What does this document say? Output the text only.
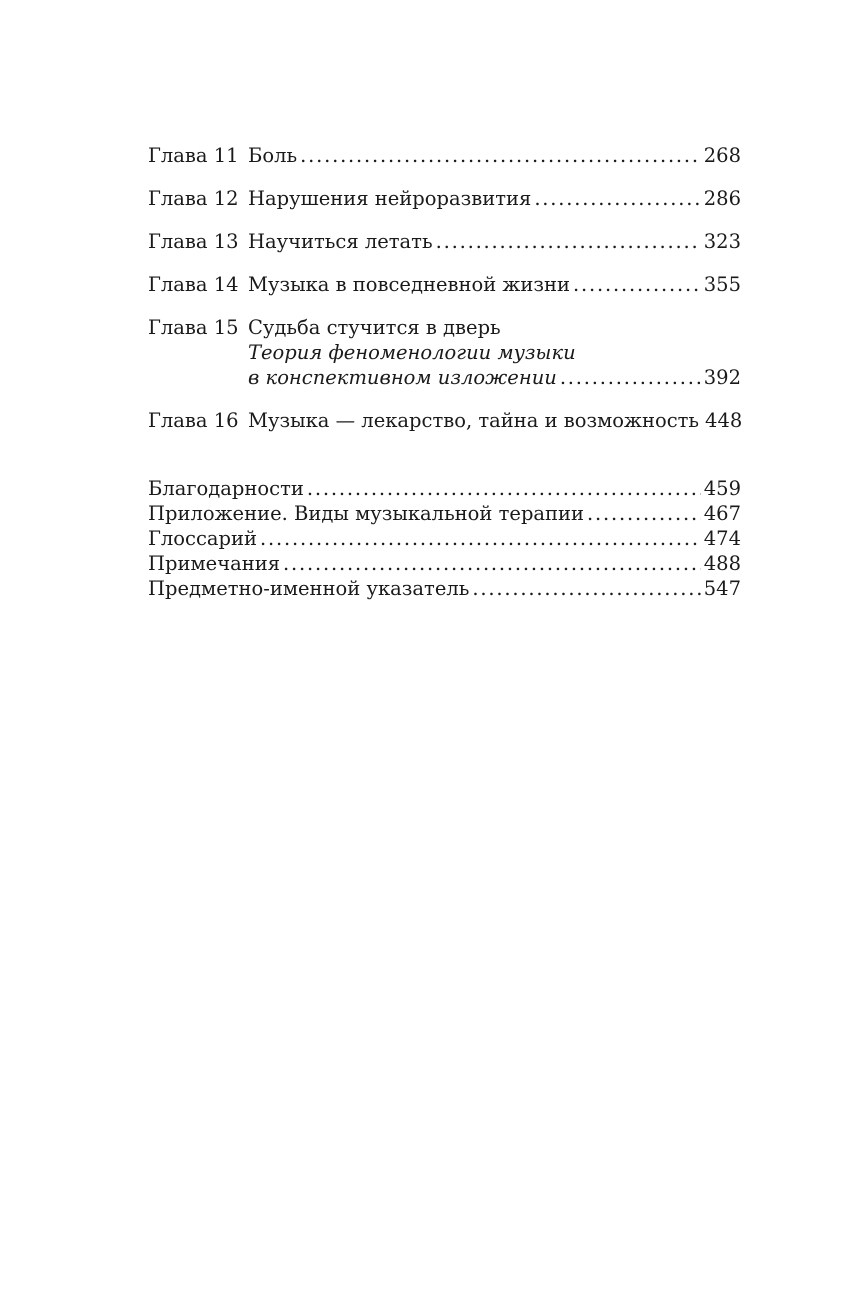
Глава 11 Боль . . .	268
Глава 12 Нарушения нейроразвития . . .	286
Глава 13 Научиться летать . . .	323
Глава 14 Музыка в повседневной жизни . . .	355
Глава 15 Судьба стучится в дверь
Теория феноменологии музыки
в конспективном изложении . . .	392
Глава 16 Музыка — лекарство, тайна и возможность 448
Благодарности . . .	459
Приложение. Виды музыкальной терапии . . .	467
Глоссарий . . .	474
Примечания . . .	488
Предметно-именной указатель . . .	547
